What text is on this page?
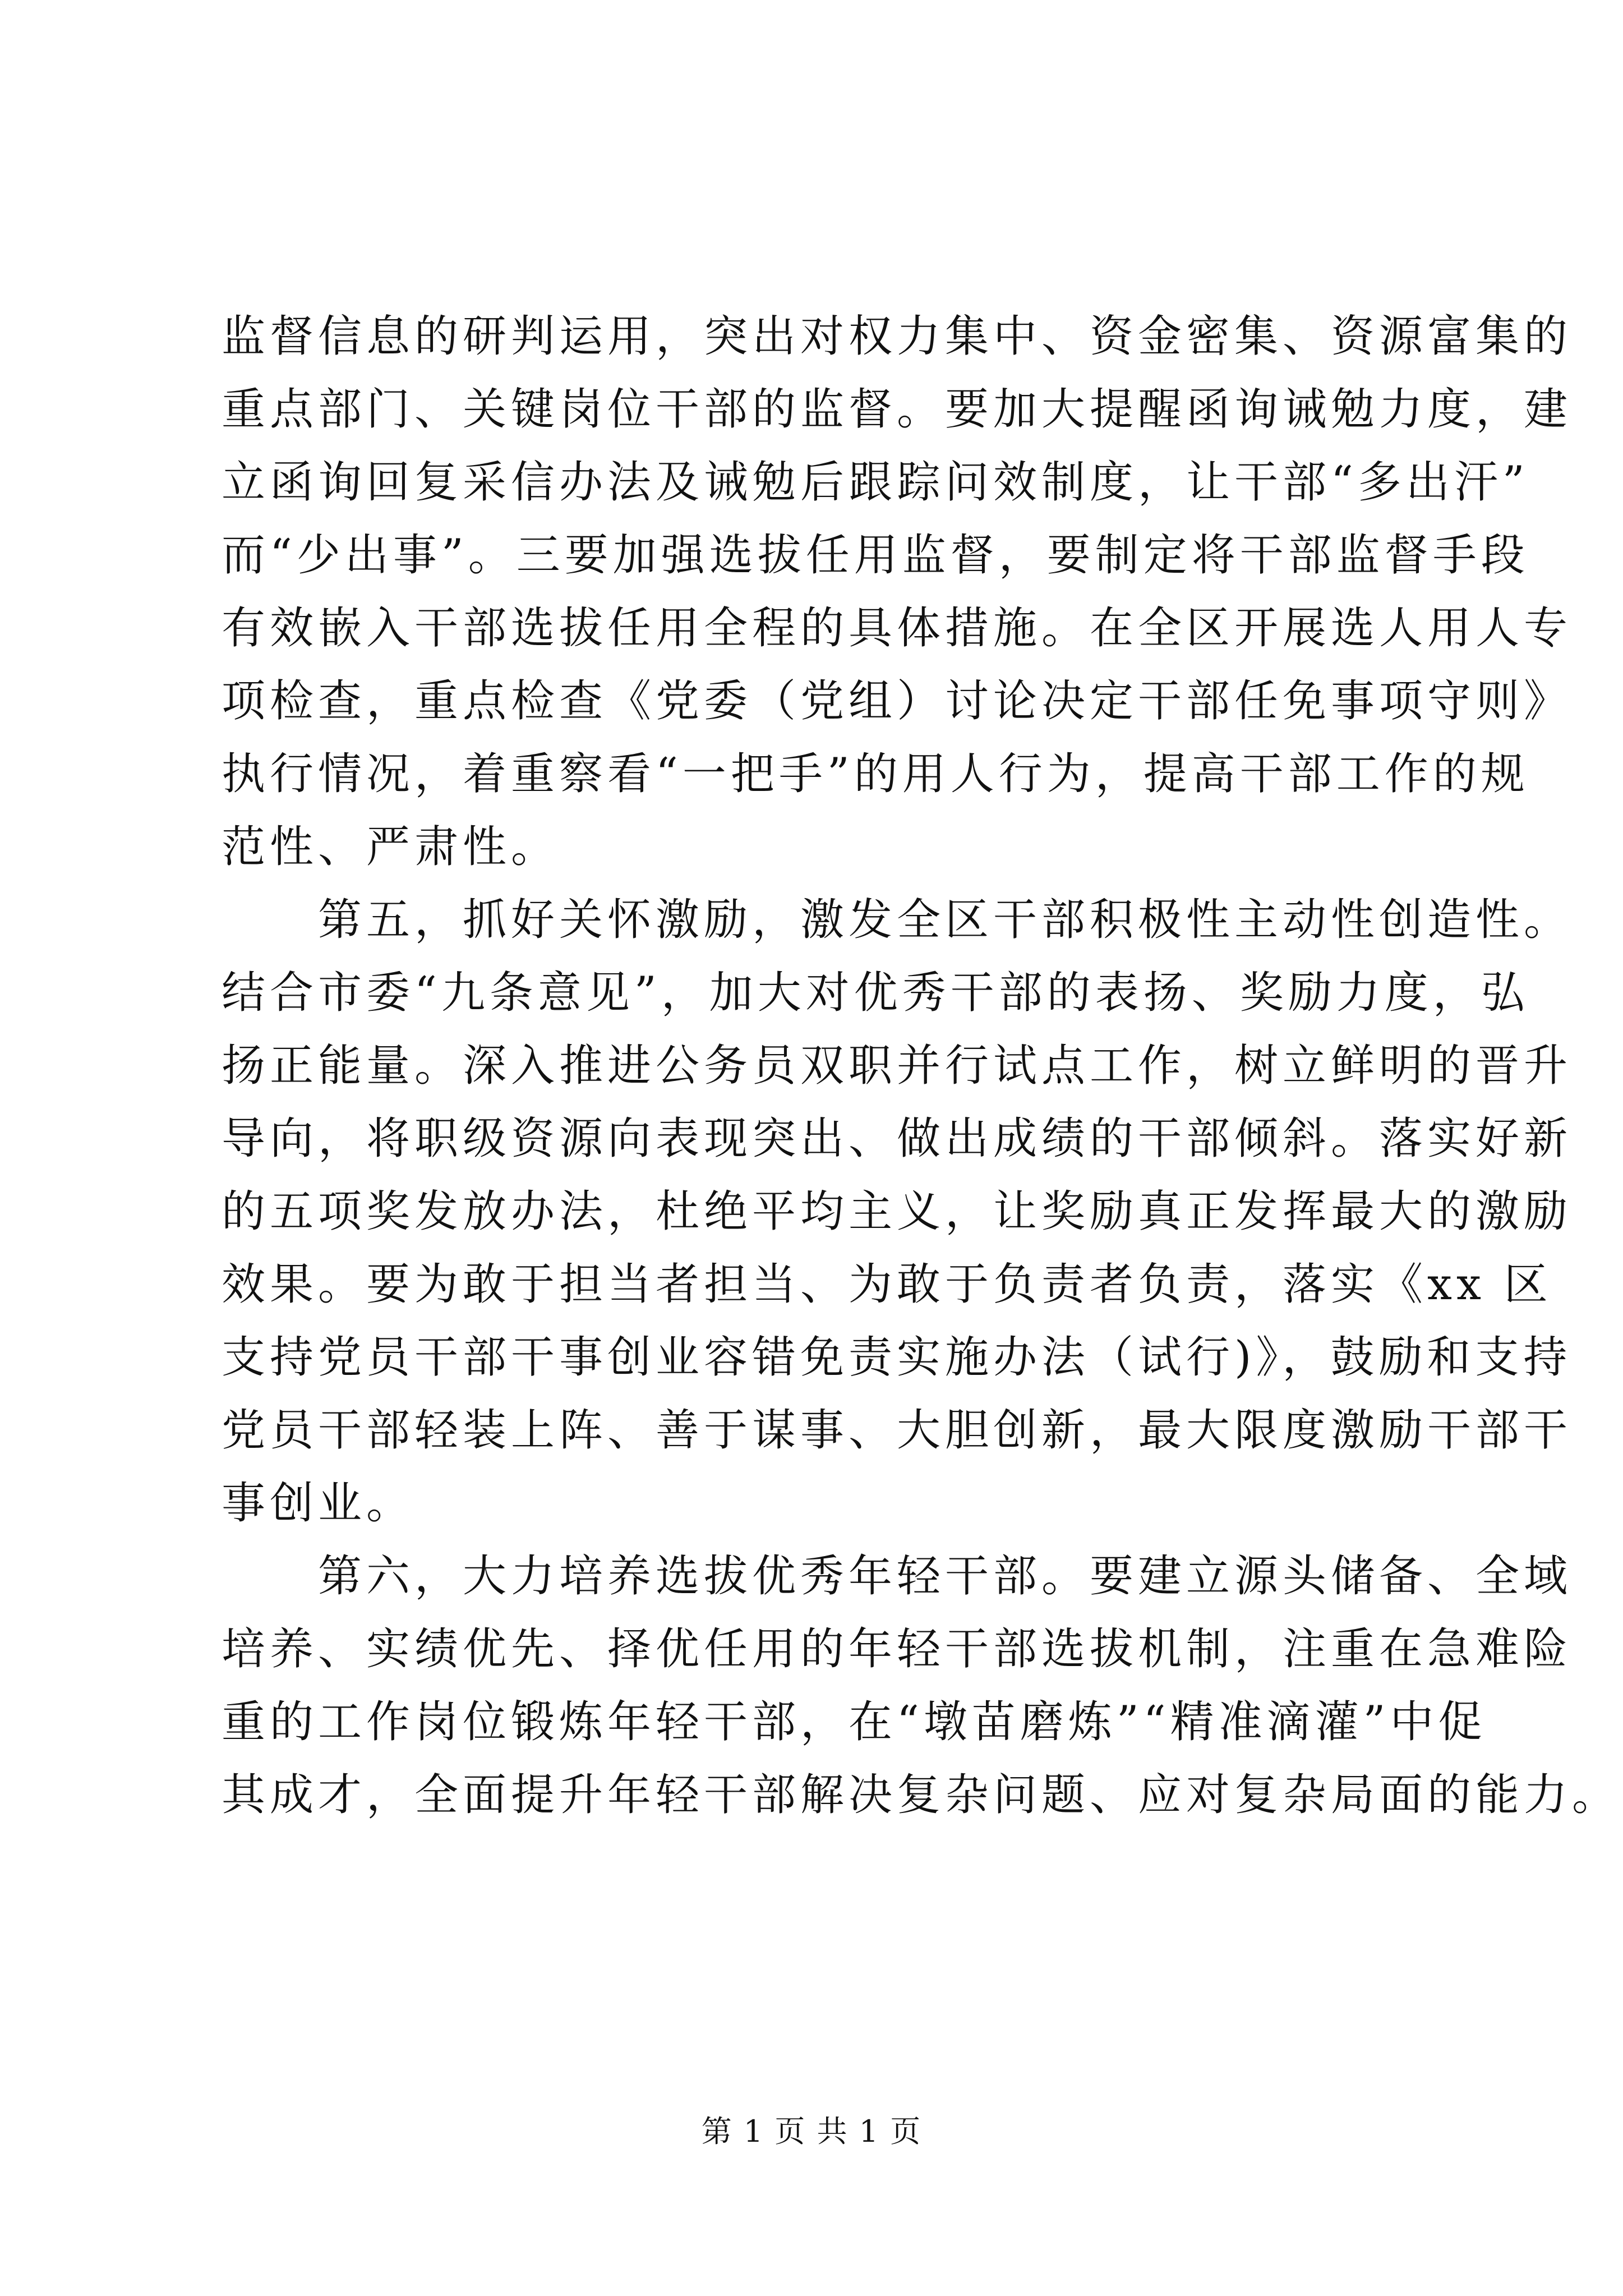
监督信息的研判运用，突出对权力集中、资金密集、资源富集的
重点部门、关键岗位干部的监督。要加大提醒函询诫勉力度，建
立函询回复采信办法及诫勉后跟踪问效制度，让干部“多出汗”
而“少出事”。三要加强选拔任用监督，要制定将干部监督手段
有效嵌入干部选拔任用全程的具体措施。在全区开展选人用人专
项检查，重点检查《党委（党组）讨论决定干部任免事项守则》
执行情况，着重察看“一把手”的用人行为，提高干部工作的规
范性、严肃性。
　　第五，抓好关怀激励，激发全区干部积极性主动性创造性。
结合市委“九条意见”，加大对优秀干部的表扬、奖励力度，弘
扬正能量。深入推进公务员双职并行试点工作，树立鲜明的晋升
导向，将职级资源向表现突出、做出成绩的干部倾斜。落实好新
的五项奖发放办法，杜绝平均主义，让奖励真正发挥最大的激励
效果。要为敢于担当者担当、为敢于负责者负责，落实《xx 区
支持党员干部干事创业容错免责实施办法（试行)》，鼓励和支持
党员干部轻装上阵、善于谋事、大胆创新，最大限度激励干部干
事创业。
　　第六，大力培养选拔优秀年轻干部。要建立源头储备、全域
培养、实绩优先、择优任用的年轻干部选拔机制，注重在急难险
重的工作岗位锻炼年轻干部，在“墩苗磨炼”“精准滴灌”中促
其成才，全面提升年轻干部解决复杂问题、应对复杂局面的能力。
第 1 页 共 1 页
